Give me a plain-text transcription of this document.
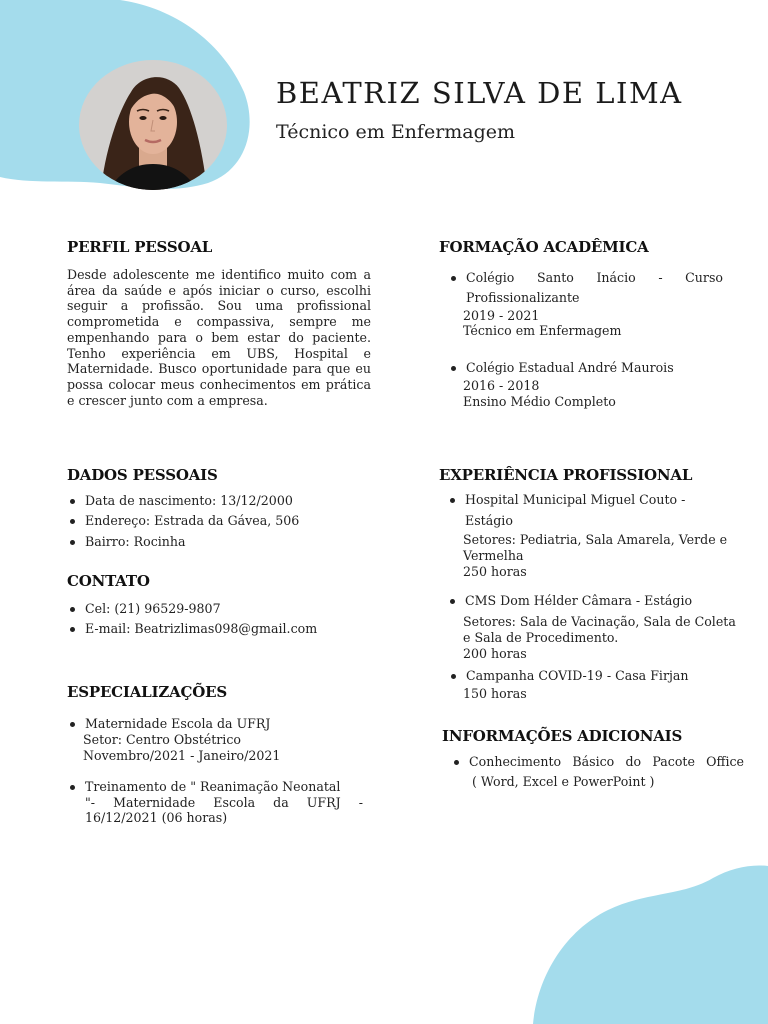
BEATRIZ SILVA DE LIMA
Técnico em Enfermagem
PERFIL PESSOAL
Desde adolescente me identifico muito com a área da saúde e após iniciar o curso, escolhi seguir a profissão. Sou uma profissional comprometida e compassiva, sempre me empenhando para o bem estar do paciente. Tenho experiência em UBS, Hospital e Maternidade. Busco oportunidade para que eu possa colocar meus conhecimentos em prática e crescer junto com a empresa.
DADOS PESSOAIS
Data de nascimento: 13/12/2000
Endereço: Estrada da Gávea, 506
Bairro: Rocinha
CONTATO
Cel: (21) 96529-9807
E-mail: Beatrizlimas098@gmail.com
ESPECIALIZAÇÕES
Maternidade Escola da UFRJ
Setor: Centro Obstétrico
Novembro/2021 - Janeiro/2021
Treinamento de " Reanimação Neonatal
"- Maternidade Escola da UFRJ -
16/12/2021 (06 horas)
FORMAÇÃO ACADÊMICA
Colégio Santo Inácio - Curso
Profissionalizante
2019 - 2021
Técnico em Enfermagem
Colégio Estadual André Maurois
2016 - 2018
Ensino Médio Completo
EXPERIÊNCIA PROFISSIONAL
Hospital Municipal Miguel Couto -
Estágio
Setores: Pediatria, Sala Amarela, Verde e
Vermelha
250 horas
CMS Dom Hélder Câmara - Estágio
Setores: Sala de Vacinação, Sala de Coleta
e Sala de Procedimento.
200 horas
Campanha COVID-19 - Casa Firjan
150 horas
INFORMAÇÕES ADICIONAIS
Conhecimento Básico do Pacote Office
( Word, Excel e PowerPoint )
